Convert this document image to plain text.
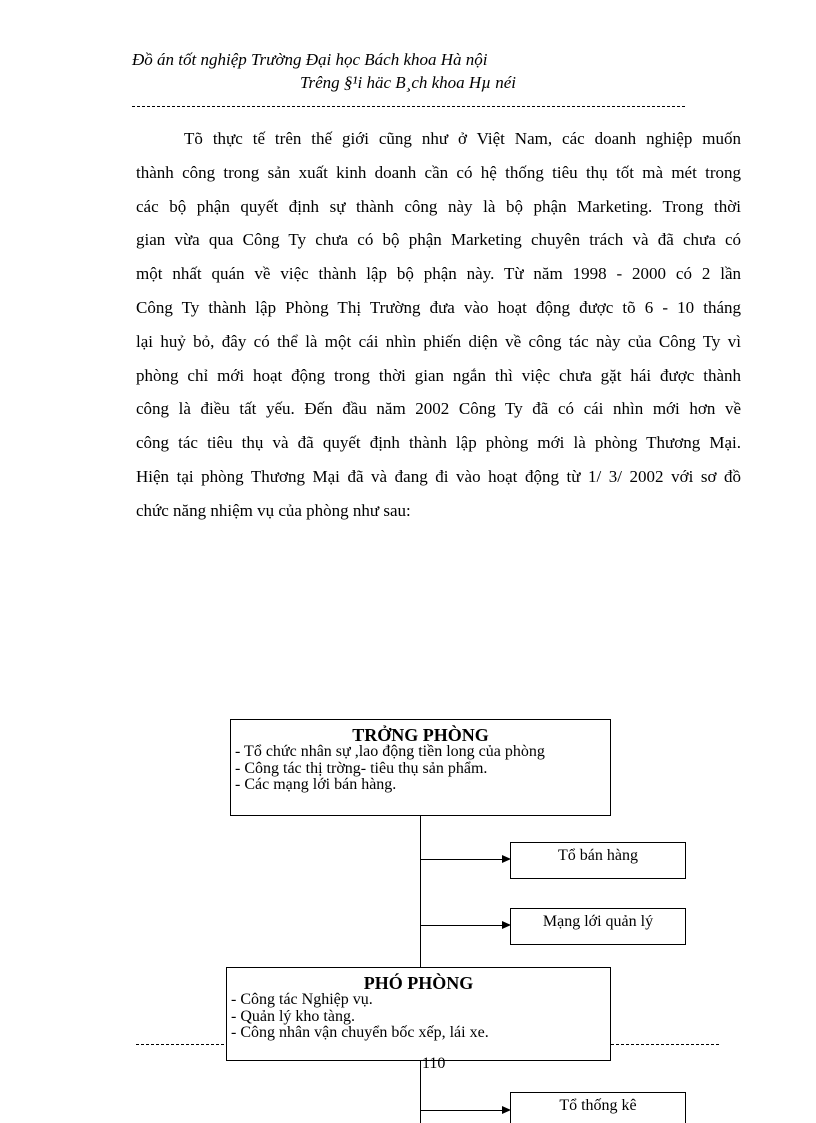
Đồ án tốt nghiệp Trường Đại học Bách khoa Hà nội
Trêng §¹i häc B¸ch khoa Hµ néi
Tõ thực tế trên thế giới cũng như ở Việt Nam, các doanh nghiệp muốn
thành công trong sản xuất kinh doanh cần có hệ thống tiêu thụ tốt mà mét trong
các bộ phận quyết định sự thành công này là bộ phận Marketing. Trong thời
gian vừa qua Công Ty chưa có bộ phận Marketing chuyên trách và đã chưa có
một nhất quán về việc thành lập bộ phận này. Từ năm 1998 - 2000 có 2 lần
Công Ty thành lập Phòng Thị Trường đưa vào hoạt động được tõ 6 - 10 tháng
lại huỷ bỏ, đây có thể là một cái nhìn phiến diện về công tác này của Công Ty vì
phòng chỉ mới hoạt động trong thời gian ngắn thì việc chưa gặt hái được thành
công là điều tất yếu. Đến đầu năm 2002 Công Ty đã có cái nhìn mới hơn về
công tác tiêu thụ và đã quyết định thành lập phòng mới là phòng Thương Mại.
Hiện tại phòng Thương Mại đã và đang đi vào hoạt động từ 1/ 3/ 2002 với sơ đồ
chức năng nhiệm vụ của phòng như sau:
TRỞNG PHÒNG
- Tổ chức nhân sự ,lao động tiền long của phòng
- Công tác thị trờng- tiêu thụ sản phẩm.
- Các mạng lới bán hàng.
Tổ bán hàng
Mạng lới quản lý
PHÓ PHÒNG
- Công tác Nghiệp vụ.
- Quản lý kho tàng.
- Công nhân vận chuyển bốc xếp, lái xe.
110
Tổ thống kê
